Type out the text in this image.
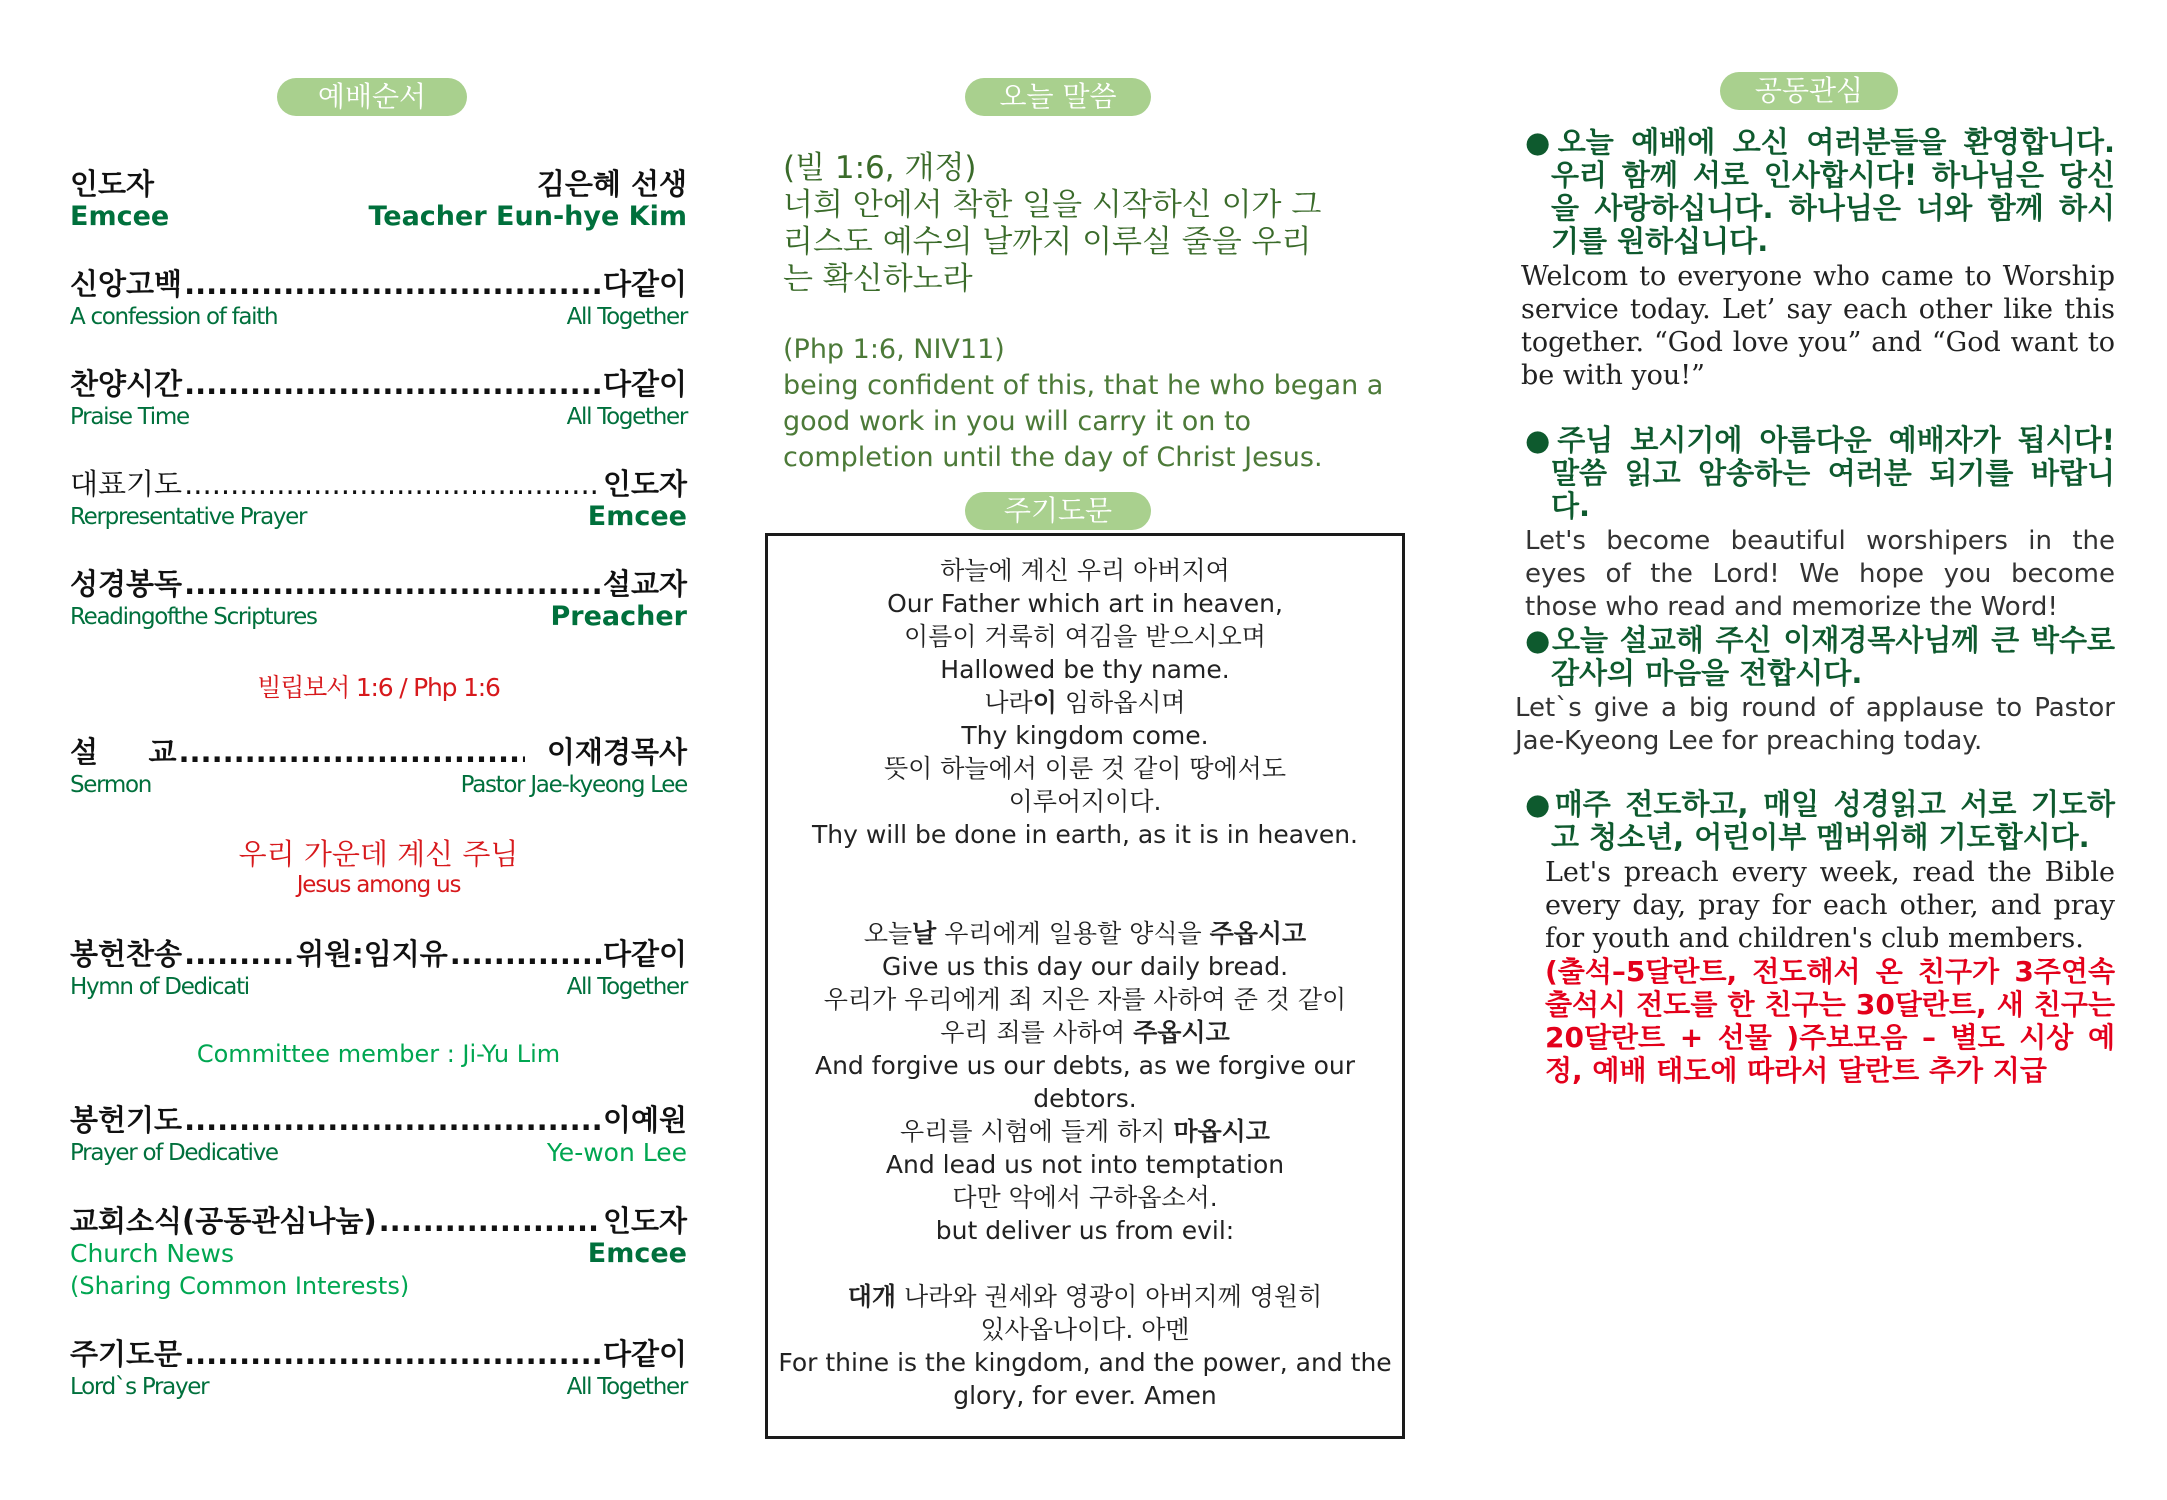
예배순서	오늘 말씀
주기도문
공동관심
인도자	김은혜 선생
Emcee	Teacher Eun-hye Kim
신앙고백 .....	다같이
A confession of faith	All Together
찬양시간 .....	다같이
Praise Time	All Together
대표기도 .....	인도자
Rerpresentative Prayer	Emcee
성경봉독 .....	설교자
Readingofthe Scriptures	Preacher
빌립보서 1:6 / Php 1:6
설     교 .....	이재경목사
Sermon	Pastor Jae-kyeong Lee
우리 가운데 계신 주님
Jesus among us
봉헌찬송 .....	위원:임지유 .....	다같이
Hymn of Dedicati	All Together
Committee member : Ji-Yu Lim
봉헌기도 .....	이예원
Prayer of Dedicative	Ye-won Lee
교회소식(공동관심나눔) .....	인도자
Church News	Emcee
(Sharing Common Interests)
주기도문 .....	다같이
Lord`s Prayer	All Together
(빌 1:6, 개정)
너희 안에서 착한 일을 시작하신 이가 그
리스도 예수의 날까지 이루실 줄을 우리
는 확신하노라
(Php 1:6, NIV11)
being confident of this, that he who began a
good work in you will carry it on to
completion until the day of Christ Jesus.

하늘에 계신 우리 아버지여

Our Father which art in heaven,

이름이 거룩히 여김을 받으시오며

Hallowed be thy name.

나라이 임하옵시며

Thy kingdom come.

뜻이 하늘에서 이룬 것 같이 땅에서도

이루어지이다.

Thy will be done in earth, as it is in heaven.

오늘날 우리에게 일용할 양식을 주옵시고

Give us this day our daily bread.

우리가 우리에게 죄 지은 자를 사하여 준 것 같이

우리 죄를 사하여 주옵시고

And forgive us our debts, as we forgive our

debtors.

우리를 시험에 들게 하지 마옵시고

And lead us not into temptation

다만 악에서 구하옵소서.

but deliver us from evil:

대개 나라와 권세와 영광이 아버지께 영원히

있사옵나이다. 아멘

For thine is the kingdom, and the power, and the

glory, for ever. Amen

●오늘 예배에 오신 여러분들을 환영합니다. 우리 함께 서로 인사합시다! 하나님은 당신을 사랑하십니다. 하나님은 너와 함께 하시기를 원하십니다.
Welcom to everyone who came to Worship service today. Let’ say each other like this together. “God love you” and “God want to be with you!”
●주님 보시기에 아름다운 예배자가 됩시다! 말씀 읽고 암송하는 여러분 되기를 바랍니다.
Let's become beautiful worshipers in the eyes of the Lord! We hope you become those who read and memorize the Word!
●오늘 설교해 주신 이재경목사님께 큰 박수로 감사의 마음을 전합시다.
Let`s give a big round of applause to Pastor Jae-Kyeong Lee for preaching today.
●매주 전도하고, 매일 성경읽고 서로 기도하고 청소년, 어린이부 멤버위해 기도합시다.
Let's preach every week, read the Bible every day, pray for each other, and pray for youth and children's club members.
(출석–5달란트, 전도해서 온 친구가 3주연속 출석시 전도를 한 친구는 30달란트, 새 친구는 20달란트 + 선물 )주보모음 – 별도 시상 예정, 예배 태도에 따라서 달란트 추가 지급
